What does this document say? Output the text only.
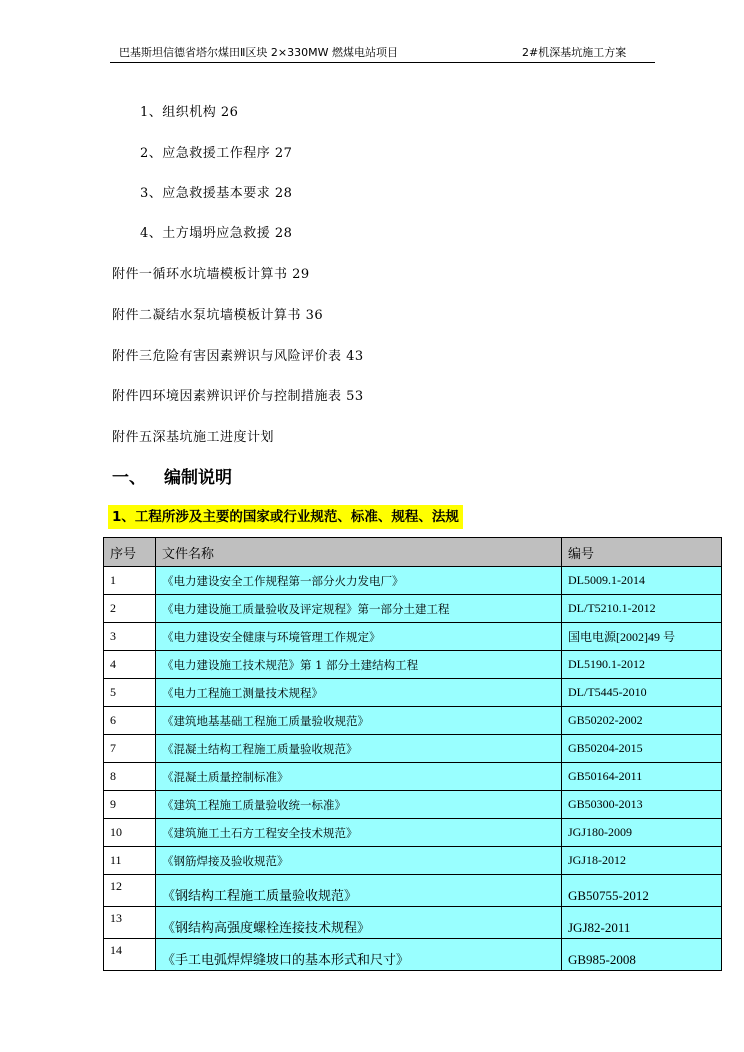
巴基斯坦信德省塔尔煤田Ⅱ区块 2×330MW 燃煤电站项目	2#机深基坑施工方案
1、组织机构 26
2、应急救援工作程序 27
3、应急救援基本要求 28
4、土方塌坍应急救援 28
附件一循环水坑墙模板计算书 29
附件二凝结水泵坑墙模板计算书 36
附件三危险有害因素辨识与风险评价表 43
附件四环境因素辨识评价与控制措施表 53
附件五深基坑施工进度计划
一、 编制说明
1、工程所涉及主要的国家或行业规范、标准、规程、法规
序号	文件名称	编号
1	《电力建设安全工作规程第一部分火力发电厂》	DL5009.1-2014
2	《电力建设施工质量验收及评定规程》第一部分土建工程	DL/T5210.1-2012
3	《电力建设安全健康与环境管理工作规定》	国电电源[2002]49 号
4	《电力建设施工技术规范》第 1 部分土建结构工程	DL5190.1-2012
5	《电力工程施工测量技术规程》	DL/T5445-2010
6	《建筑地基基础工程施工质量验收规范》	GB50202-2002
7	《混凝土结构工程施工质量验收规范》	GB50204-2015
8	《混凝土质量控制标准》	GB50164-2011
9	《建筑工程施工质量验收统一标准》	GB50300-2013
10	《建筑施工土石方工程安全技术规范》	JGJ180-2009
11	《钢筋焊接及验收规范》	JGJ18-2012
12	《钢结构工程施工质量验收规范》	GB50755-2012
13	《钢结构高强度螺栓连接技术规程》	JGJ82-2011
14	《手工电弧焊焊缝坡口的基本形式和尺寸》	GB985-2008
